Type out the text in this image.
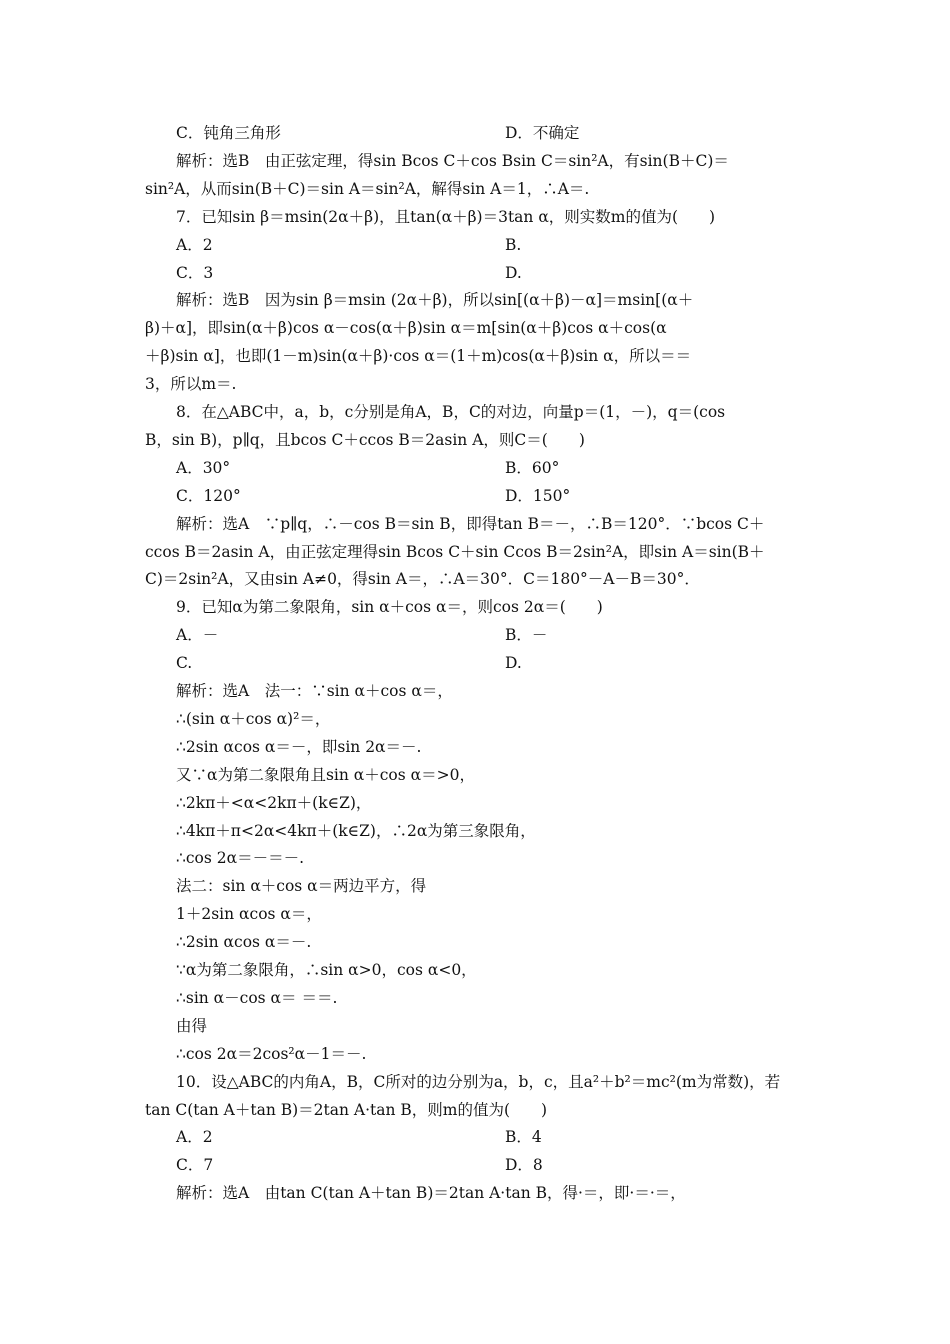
C．钝角三角形	D．不确定
解析：选B　由正弦定理，得sin Bcos C＋cos Bsin C＝sin²A，有sin(B＋C)＝
sin²A，从而sin(B＋C)＝sin A＝sin²A，解得sin A＝1，∴A＝.
7．已知sin β＝msin(2α＋β)，且tan(α＋β)＝3tan α，则实数m的值为(　　)
A．2	B.
C．3	D.
解析：选B　因为sin β＝msin (2α＋β)，所以sin[(α＋β)－α]＝msin[(α＋
β)＋α]，即sin(α＋β)cos α－cos(α＋β)sin α＝m[sin(α＋β)cos α＋cos(α
＋β)sin α]，也即(1－m)sin(α＋β)·cos α＝(1＋m)cos(α＋β)sin α，所以＝＝
3，所以m＝.
8．在△ABC中，a，b，c分别是角A，B，C的对边，向量p＝(1，－)，q＝(cos
B，sin B)，p∥q，且bcos C＋ccos B＝2asin A，则C＝(　　)
A．30°	B．60°
C．120°	D．150°
解析：选A　∵p∥q，∴－cos B＝sin B，即得tan B＝－，∴B＝120°．∵bcos C＋
ccos B＝2asin A，由正弦定理得sin Bcos C＋sin Ccos B＝2sin²A，即sin A＝sin(B＋
C)＝2sin²A，又由sin A≠0，得sin A＝，∴A＝30°．C＝180°－A－B＝30°．
9．已知α为第二象限角，sin α＋cos α＝，则cos 2α＝(　　)
A．－	B．－
C.	D.
解析：选A　法一：∵sin α＋cos α＝，
∴(sin α＋cos α)²＝，
∴2sin αcos α＝－，即sin 2α＝－.
又∵α为第二象限角且sin α＋cos α＝>0，
∴2kπ＋<α<2kπ＋(k∈Z)，
∴4kπ＋π<2α<4kπ＋(k∈Z)，∴2α为第三象限角，
∴cos 2α＝－＝－.
法二：sin α＋cos α＝两边平方，得
1＋2sin αcos α＝，
∴2sin αcos α＝－.
∵α为第二象限角，∴sin α>0，cos α<0，
∴sin α－cos α＝ ＝＝.
由得
∴cos 2α＝2cos²α－1＝－.
10．设△ABC的内角A，B，C所对的边分别为a，b，c，且a²＋b²＝mc²(m为常数)，若
tan C(tan A＋tan B)＝2tan A·tan B，则m的值为(　　)
A．2	B．4
C．7	D．8
解析：选A　由tan C(tan A＋tan B)＝2tan A·tan B，得·＝，即·＝·＝，
